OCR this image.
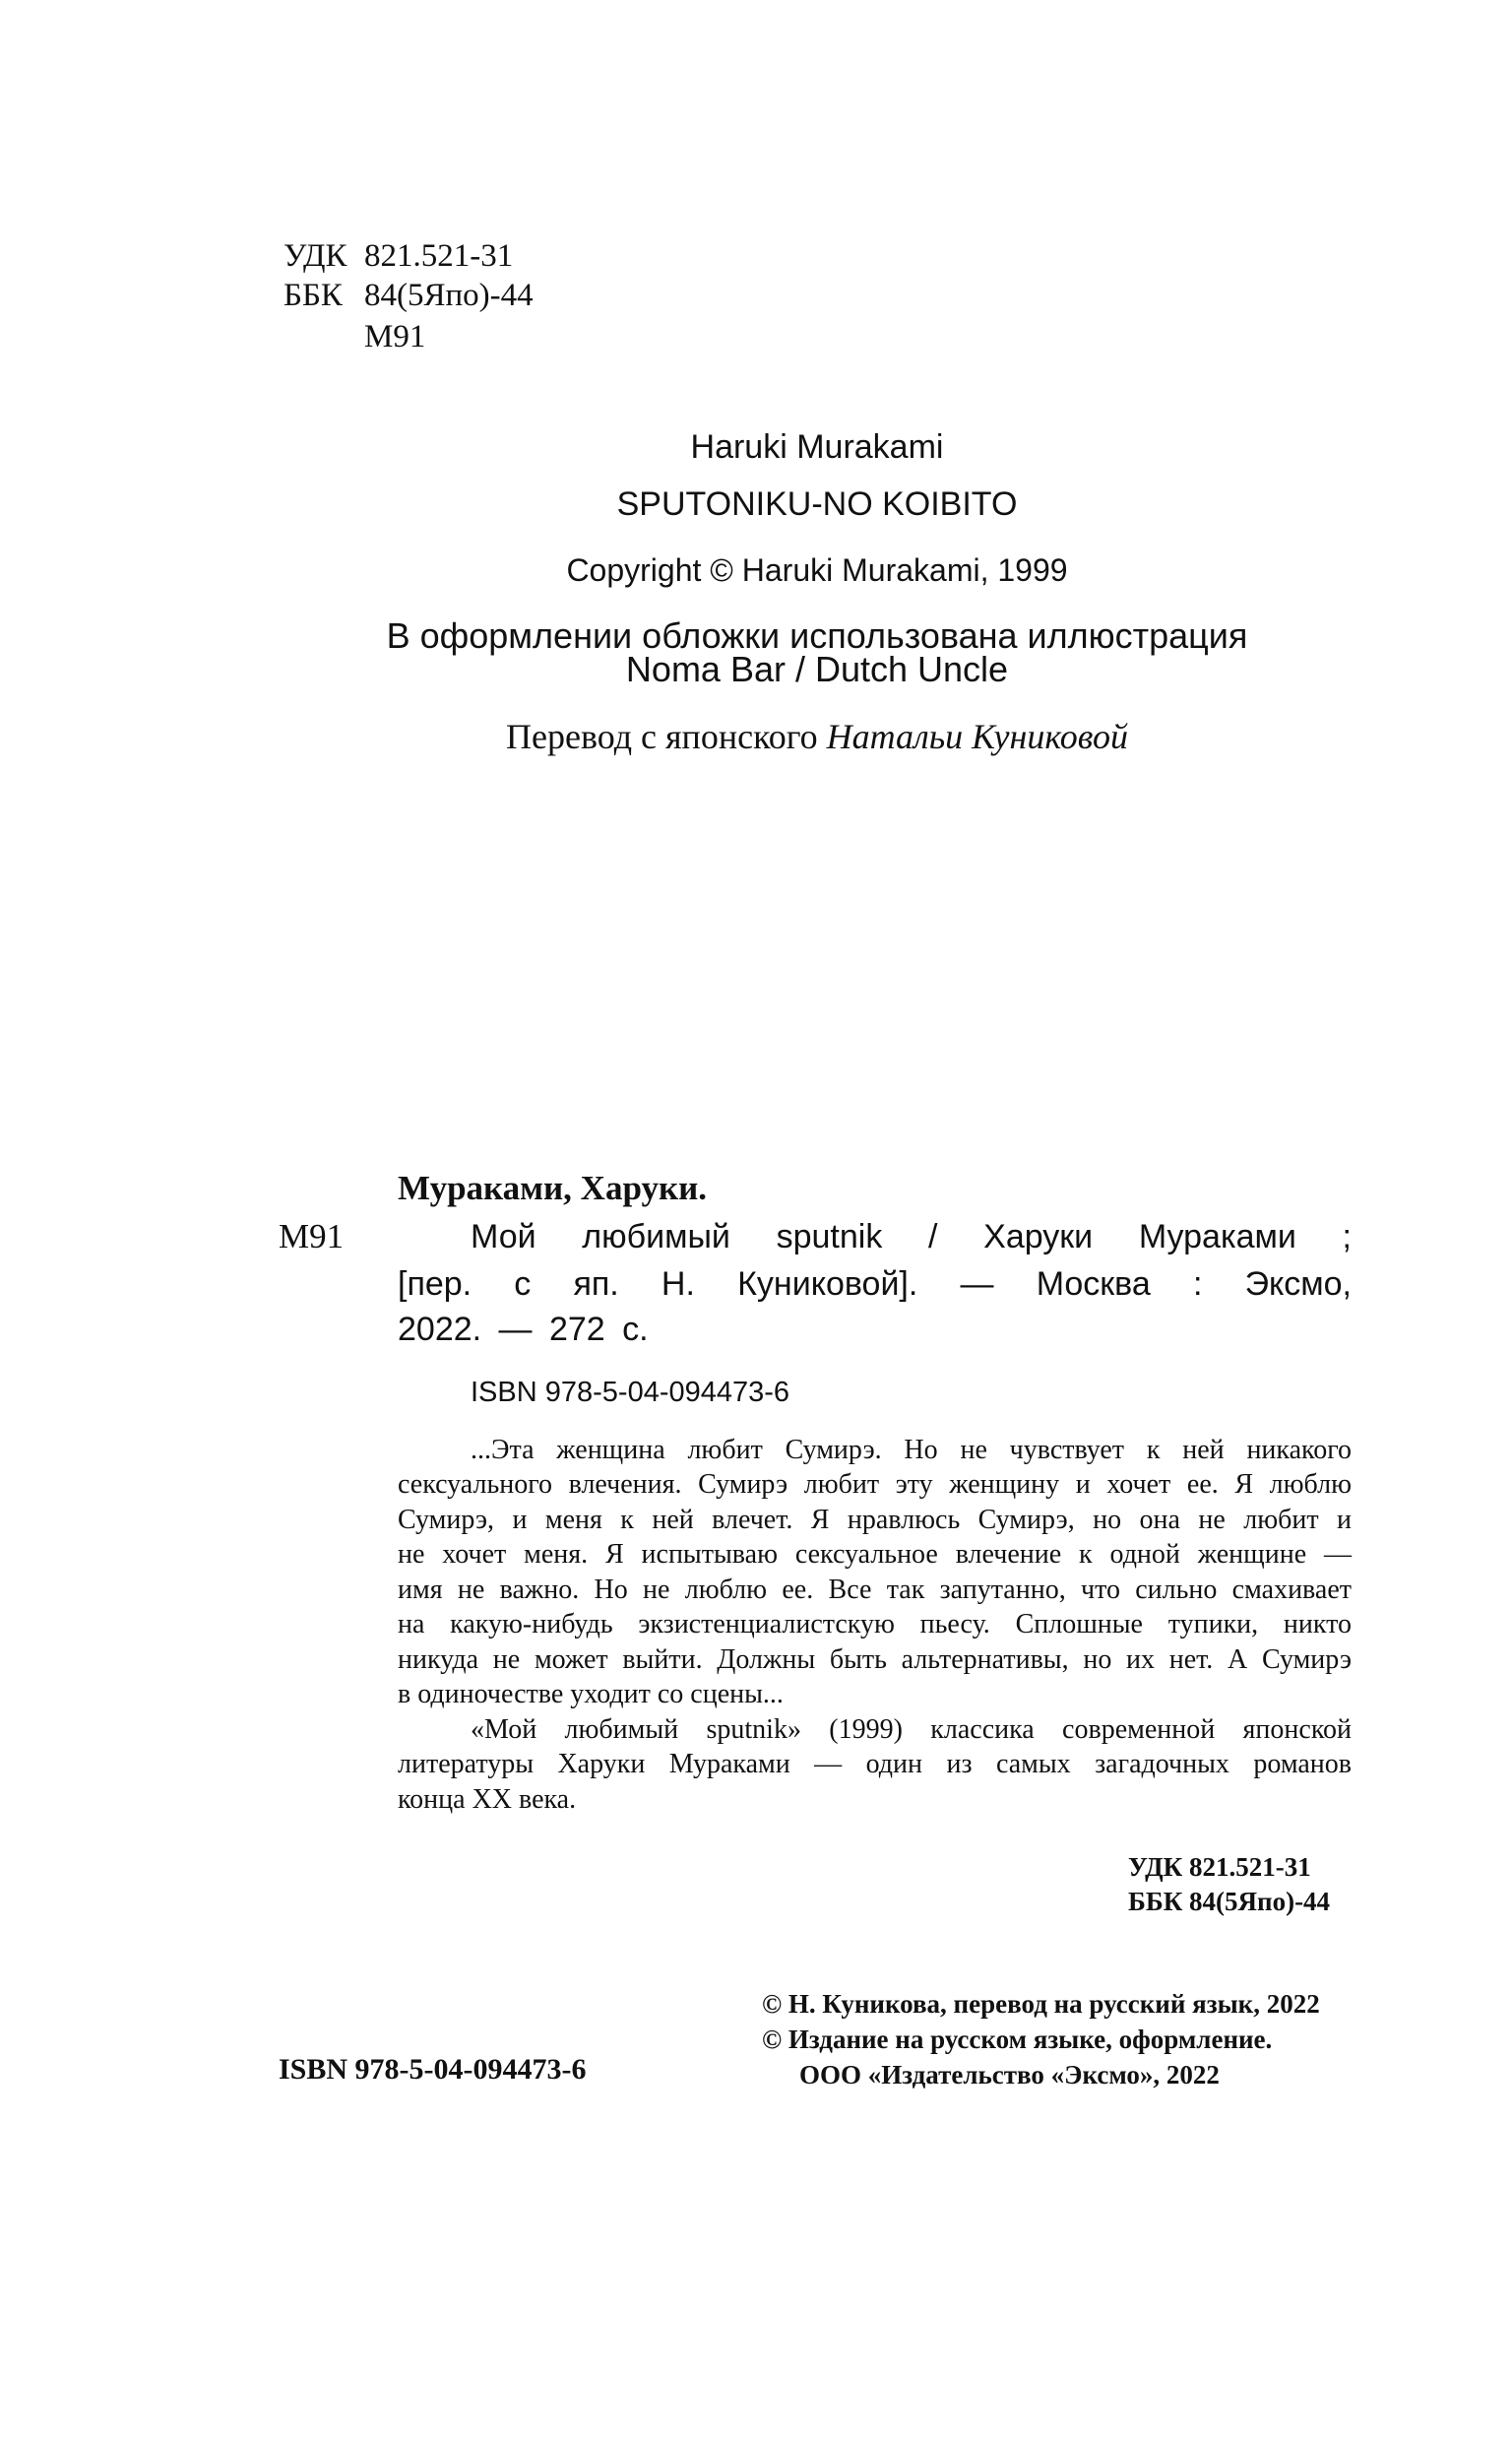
УДК 821.521-31
ББК 84(5Япо)-44
М91
Haruki Murakami
SPUTONIKU-NO KOIBITO
Copyright © Haruki Murakami, 1999
В оформлении обложки использована иллюстрация
Noma Bar / Dutch Uncle
Перевод с японского Натальи Куниковой
Мураками, Харуки.
М91	Мой любимый sputnik / Харуки Мураками ;
[пер. с яп. Н. Куниковой]. — Москва : Эксмо,
2022. — 272 с.
ISBN 978-5-04-094473-6
...Эта женщина любит Сумирэ. Но не чувствует к ней никакого
сексуального влечения. Сумирэ любит эту женщину и хочет ее. Я люблю
Сумирэ, и меня к ней влечет. Я нравлюсь Сумирэ, но она не любит и
не хочет меня. Я испытываю сексуальное влечение к одной женщине —
имя не важно. Но не люблю ее. Все так запутанно, что сильно смахивает
на какую-нибудь экзистенциалистскую пьесу. Сплошные тупики, никто
никуда не может выйти. Должны быть альтернативы, но их нет. А Сумирэ
в одиночестве уходит со сцены...
«Мой любимый sputnik» (1999) классика современной японской
литературы Харуки Мураками — один из самых загадочных романов
конца XX века.
УДК 821.521-31
ББК 84(5Япо)-44
© Н. Куникова, перевод на русский язык, 2022
© Издание на русском языке, оформление.
ООО «Издательство «Эксмо», 2022
ISBN 978-5-04-094473-6
